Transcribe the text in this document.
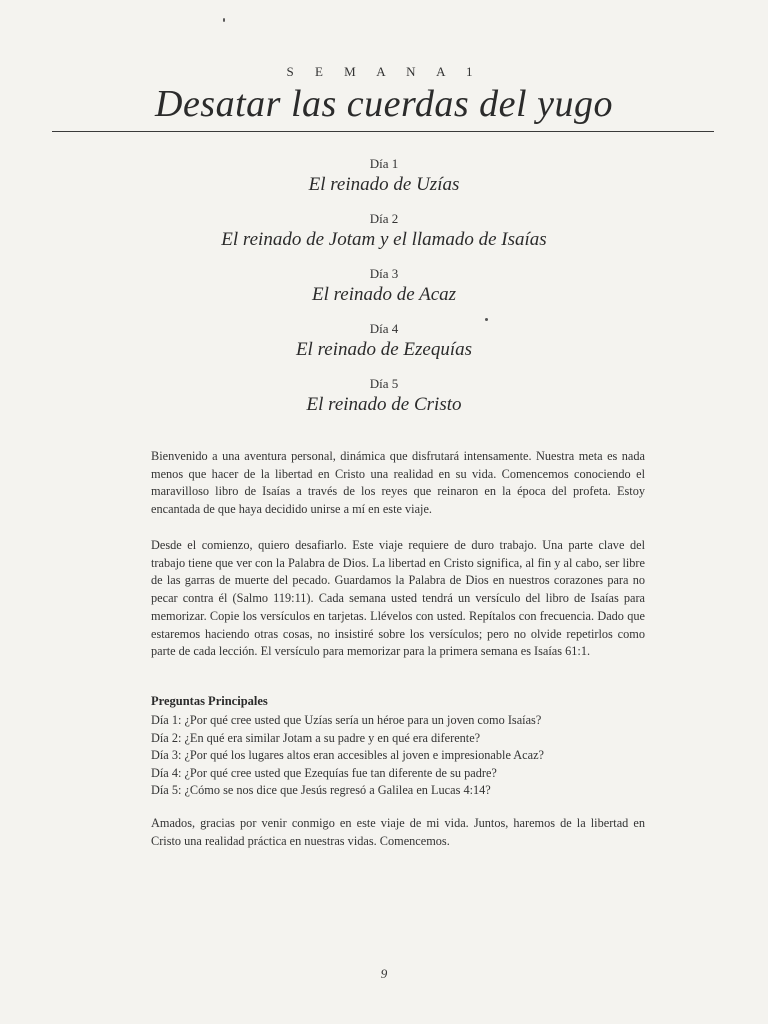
S E M A N A 1
Desatar las cuerdas del yugo
Día 1
El reinado de Uzías
Día 2
El reinado de Jotam y el llamado de Isaías
Día 3
El reinado de Acaz
Día 4
El reinado de Ezequías
Día 5
El reinado de Cristo

Bienvenido a una aventura personal, dinámica que disfrutará intensamente. Nuestra meta es nada menos que hacer de la libertad en Cristo una realidad en su vida. Comencemos conociendo el maravilloso libro de Isaías a través de los reyes que reinaron en la época del profeta. Estoy encantada de que haya decidido unirse a mí en este viaje.

Desde el comienzo, quiero desafiarlo. Este viaje requiere de duro trabajo. Una parte clave del trabajo tiene que ver con la Palabra de Dios. La libertad en Cristo significa, al fin y al cabo, ser libre de las garras de muerte del pecado. Guardamos la Palabra de Dios en nuestros corazones para no pecar contra él (Salmo 119:11). Cada semana usted tendrá un versículo del libro de Isaías para memorizar. Copie los versículos en tarjetas. Llévelos con usted. Repítalos con frecuencia. Dado que estaremos haciendo otras cosas, no insistiré sobre los versículos; pero no olvide repetirlos como parte de cada lección. El versículo para memorizar para la primera semana es Isaías 61:1.

Preguntas Principales
Día 1: ¿Por qué cree usted que Uzías sería un héroe para un joven como Isaías?
Día 2: ¿En qué era similar Jotam a su padre y en qué era diferente?
Día 3: ¿Por qué los lugares altos eran accesibles al joven e impresionable Acaz?
Día 4: ¿Por qué cree usted que Ezequías fue tan diferente de su padre?
Día 5: ¿Cómo se nos dice que Jesús regresó a Galilea en Lucas 4:14?

Amados, gracias por venir conmigo en este viaje de mi vida. Juntos, haremos de la libertad en Cristo una realidad práctica en nuestras vidas. Comencemos.

9
